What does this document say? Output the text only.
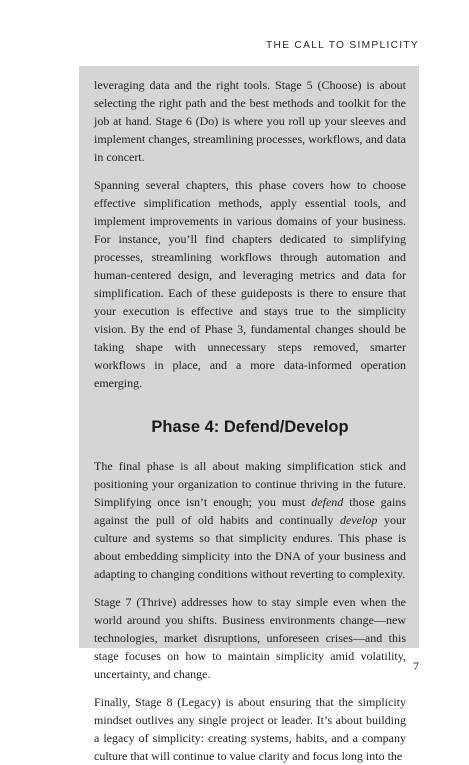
THE CALL TO SIMPLICITY

leveraging data and the right tools. Stage 5 (Choose) is about selecting the right path and the best methods and toolkit for the job at hand. Stage 6 (Do) is where you roll up your sleeves and implement changes, streamlining processes, workflows, and data in concert.

Spanning several chapters, this phase covers how to choose effective simplification methods, apply essential tools, and implement improvements in various domains of your business. For instance, you’ll find chapters dedicated to simplifying processes, streamlining workflows through automation and human-centered design, and leveraging metrics and data for simplification. Each of these guideposts is there to ensure that your execution is effective and stays true to the simplicity vision. By the end of Phase 3, fundamental changes should be taking shape with unnecessary steps removed, smarter workflows in place, and a more data-informed operation emerging.

Phase 4: Defend/Develop

The final phase is all about making simplification stick and positioning your organization to continue thriving in the future. Simplifying once isn’t enough; you must defend those gains against the pull of old habits and continually develop your culture and systems so that simplicity endures. This phase is about embedding simplicity into the DNA of your business and adapting to changing conditions without reverting to complexity.

Stage 7 (Thrive) addresses how to stay simple even when the world around you shifts. Business environments change—new technologies, market disruptions, unforeseen crises—and this stage focuses on how to maintain simplicity amid volatility, uncertainty, and change.

Finally, Stage 8 (Legacy) is about ensuring that the simplicity mindset outlives any single project or leader. It’s about building a legacy of simplicity: creating systems, habits, and a company culture that will continue to value clarity and focus long into the

7
